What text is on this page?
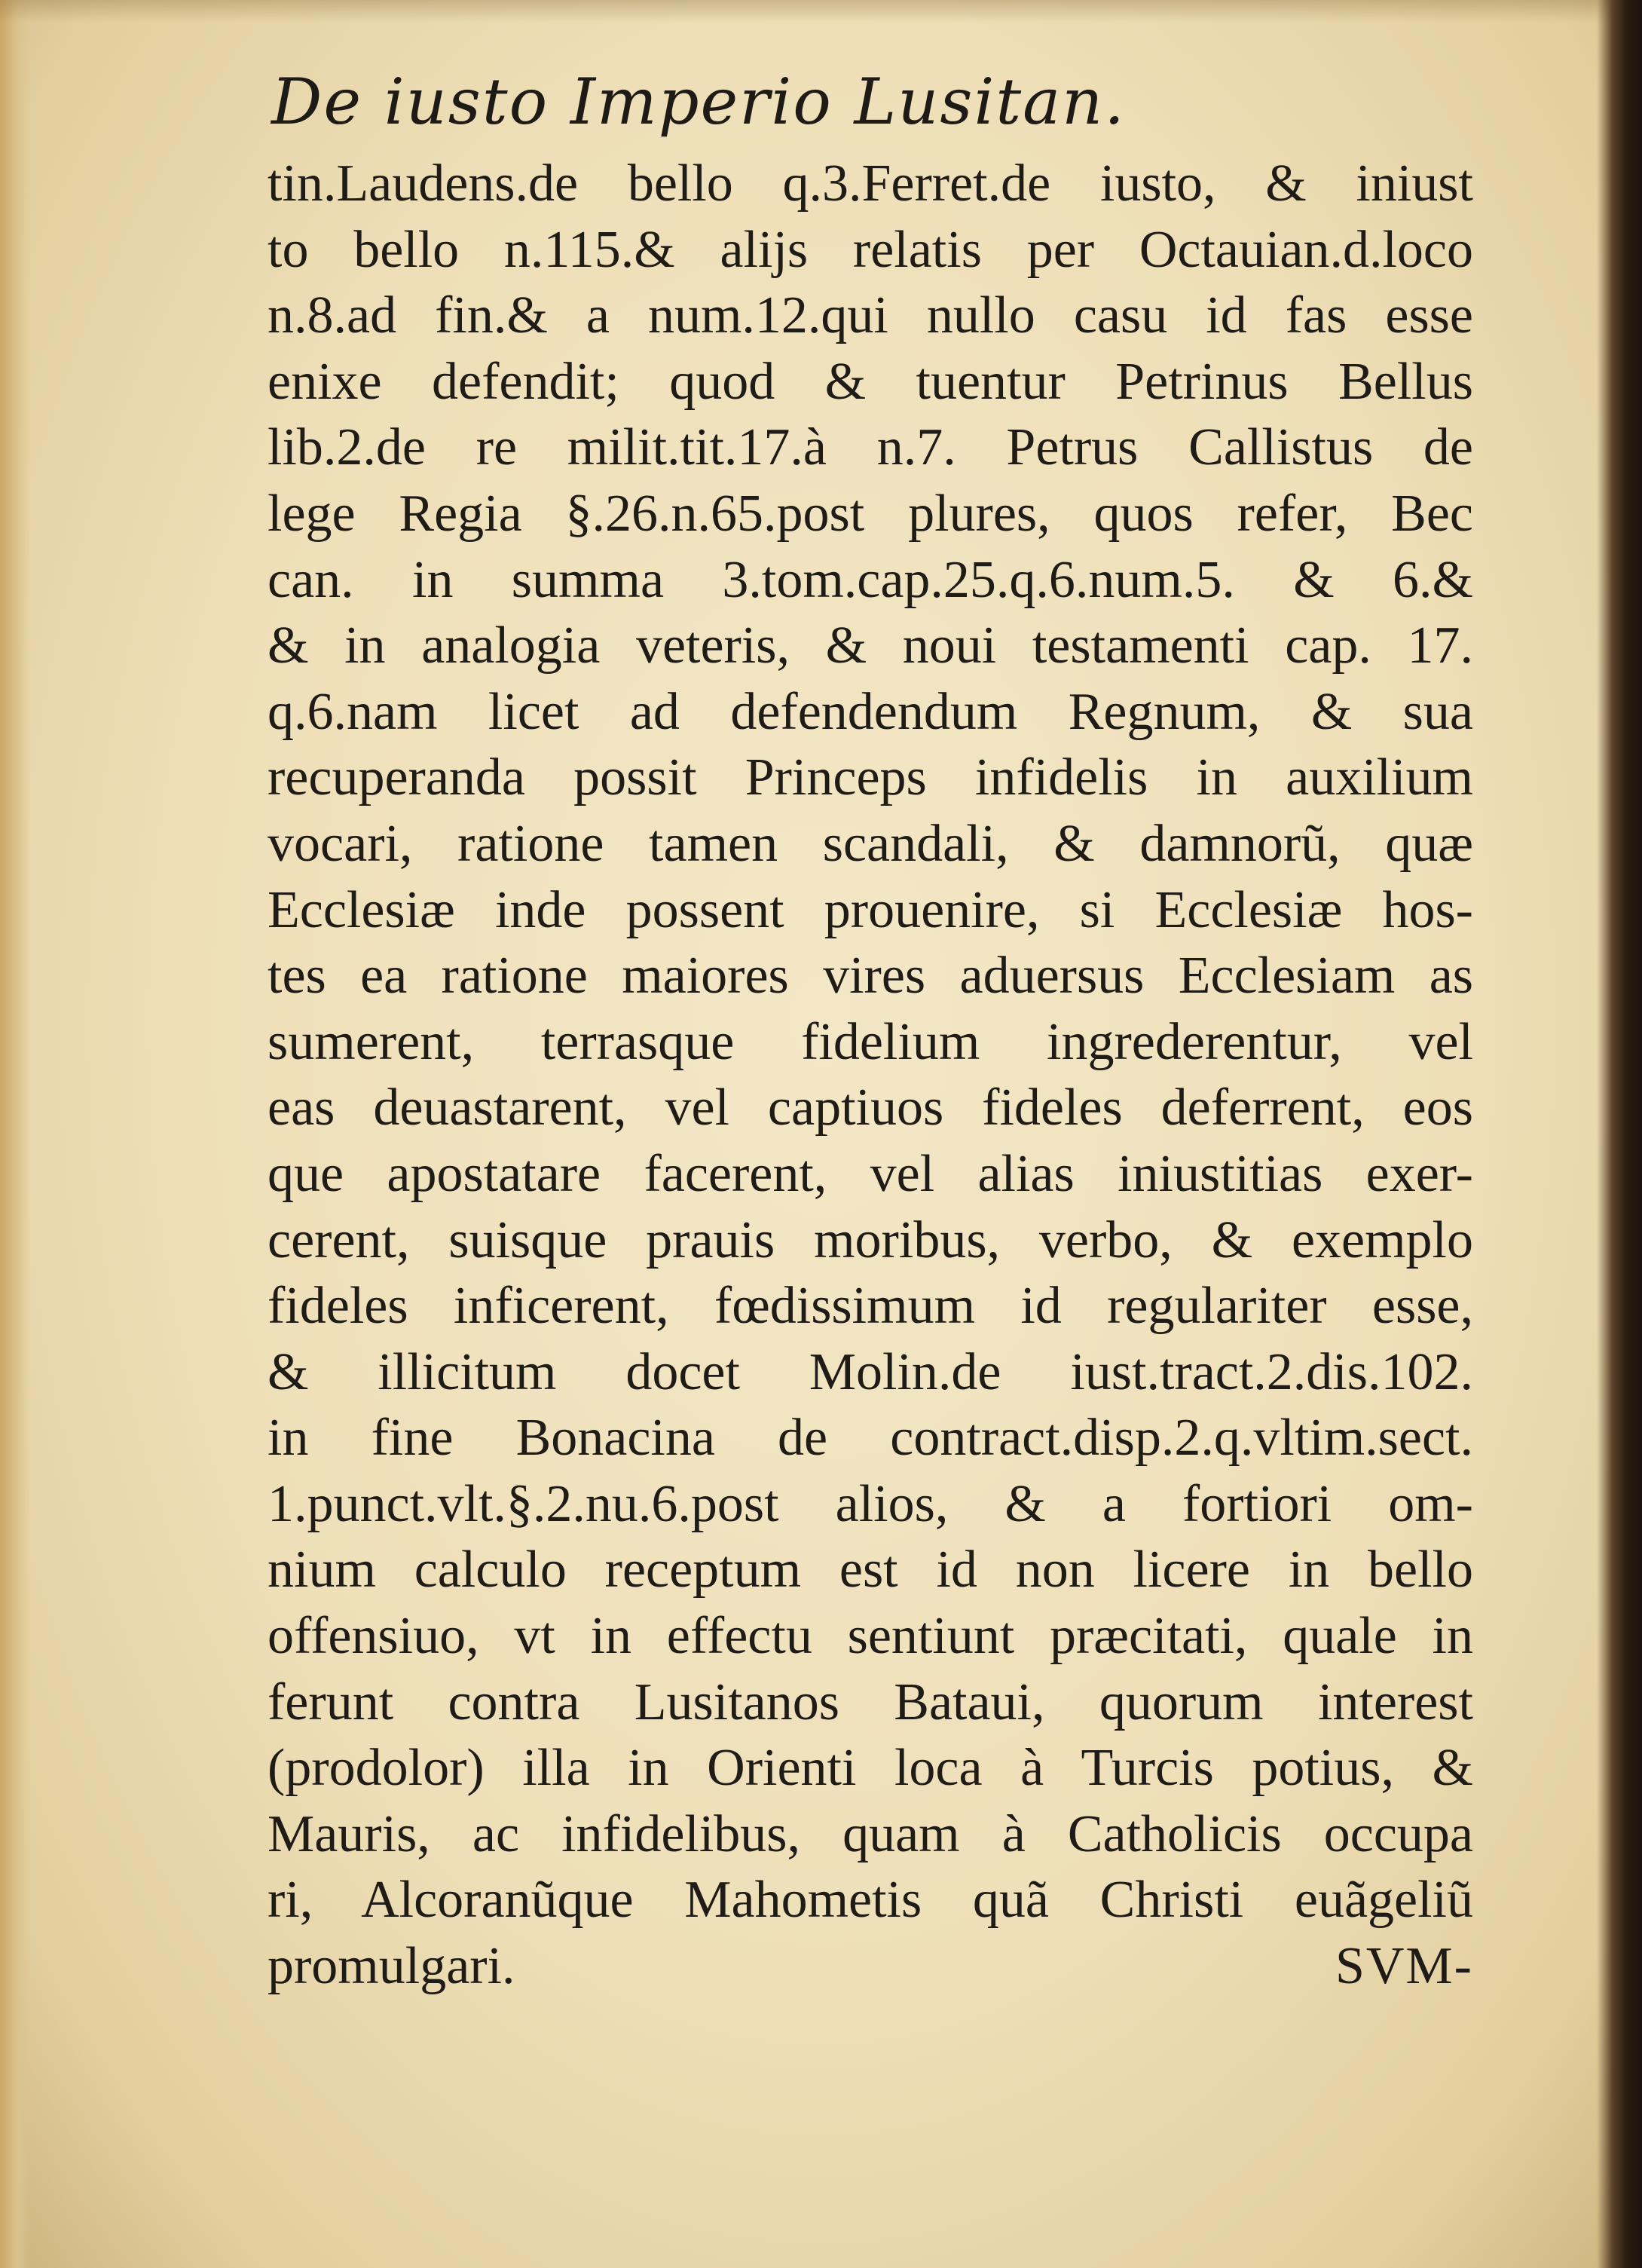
De iusto Imperio Lusitan.
tin.Laudens.de bello q.3.Ferret.de iusto, & iniust
to bello n.115.& alijs relatis per Octauian.d.loco
n.8.ad fin.& a num.12.qui nullo casu id fas esse
enixe defendit; quod & tuentur Petrinus Bellus
lib.2.de re milit.tit.17.à n.7. Petrus Callistus de
lege Regia §.26.n.65.post plures, quos refer, Bec
can. in summa 3.tom.cap.25.q.6.num.5. & 6.&
& in analogia veteris, & noui testamenti cap. 17.
q.6.nam licet ad defendendum Regnum, & sua
recuperanda possit Princeps infidelis in auxilium
vocari, ratione tamen scandali, & damnorũ, quæ
Ecclesiæ inde possent prouenire, si Ecclesiæ hos-
tes ea ratione maiores vires aduersus Ecclesiam as
sumerent, terrasque fidelium ingrederentur, vel
eas deuastarent, vel captiuos fideles deferrent, eos
que apostatare facerent, vel alias iniustitias exer-
cerent, suisque prauis moribus, verbo, & exemplo
fideles inficerent, fœdissimum id regulariter esse,
& illicitum docet Molin.de iust.tract.2.dis.102.
in fine Bonacina de contract.disp.2.q.vltim.sect.
1.punct.vlt.§.2.nu.6.post alios, & a fortiori om-
nium calculo receptum est id non licere in bello
offensiuo, vt in effectu sentiunt præcitati, quale in
ferunt contra Lusitanos Bataui, quorum interest
(prodolor) illa in Orienti loca à Turcis potius, &
Mauris, ac infidelibus, quam à Catholicis occupa
ri, Alcoranũque Mahometis quã Christi euãgeliũ
promulgari.	SVM-
